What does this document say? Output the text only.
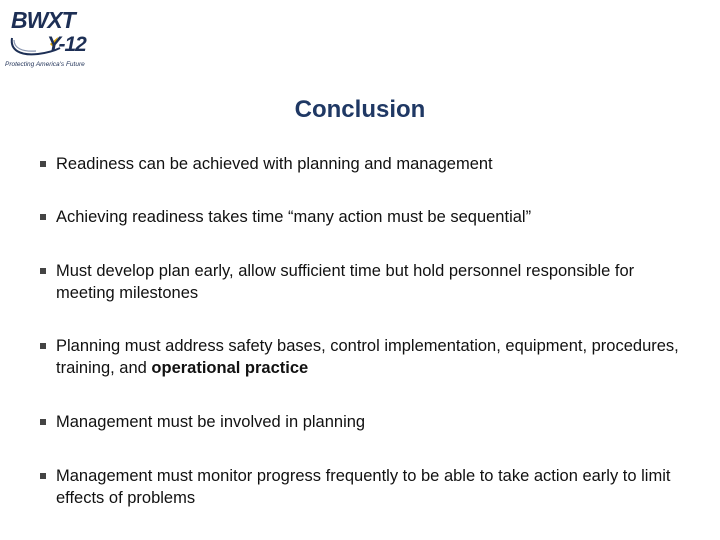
BWXT
Y-12
Protecting America's Future
Conclusion
Readiness can be achieved with planning and management
Achieving readiness takes time “many action must be sequential”
Must develop plan early, allow sufficient time but hold personnel responsible for meeting milestones
Planning must address safety bases, control implementation, equipment, procedures, training, and operational practice
Management must be involved in planning
Management must monitor progress frequently to be able to take action early to limit effects of problems
